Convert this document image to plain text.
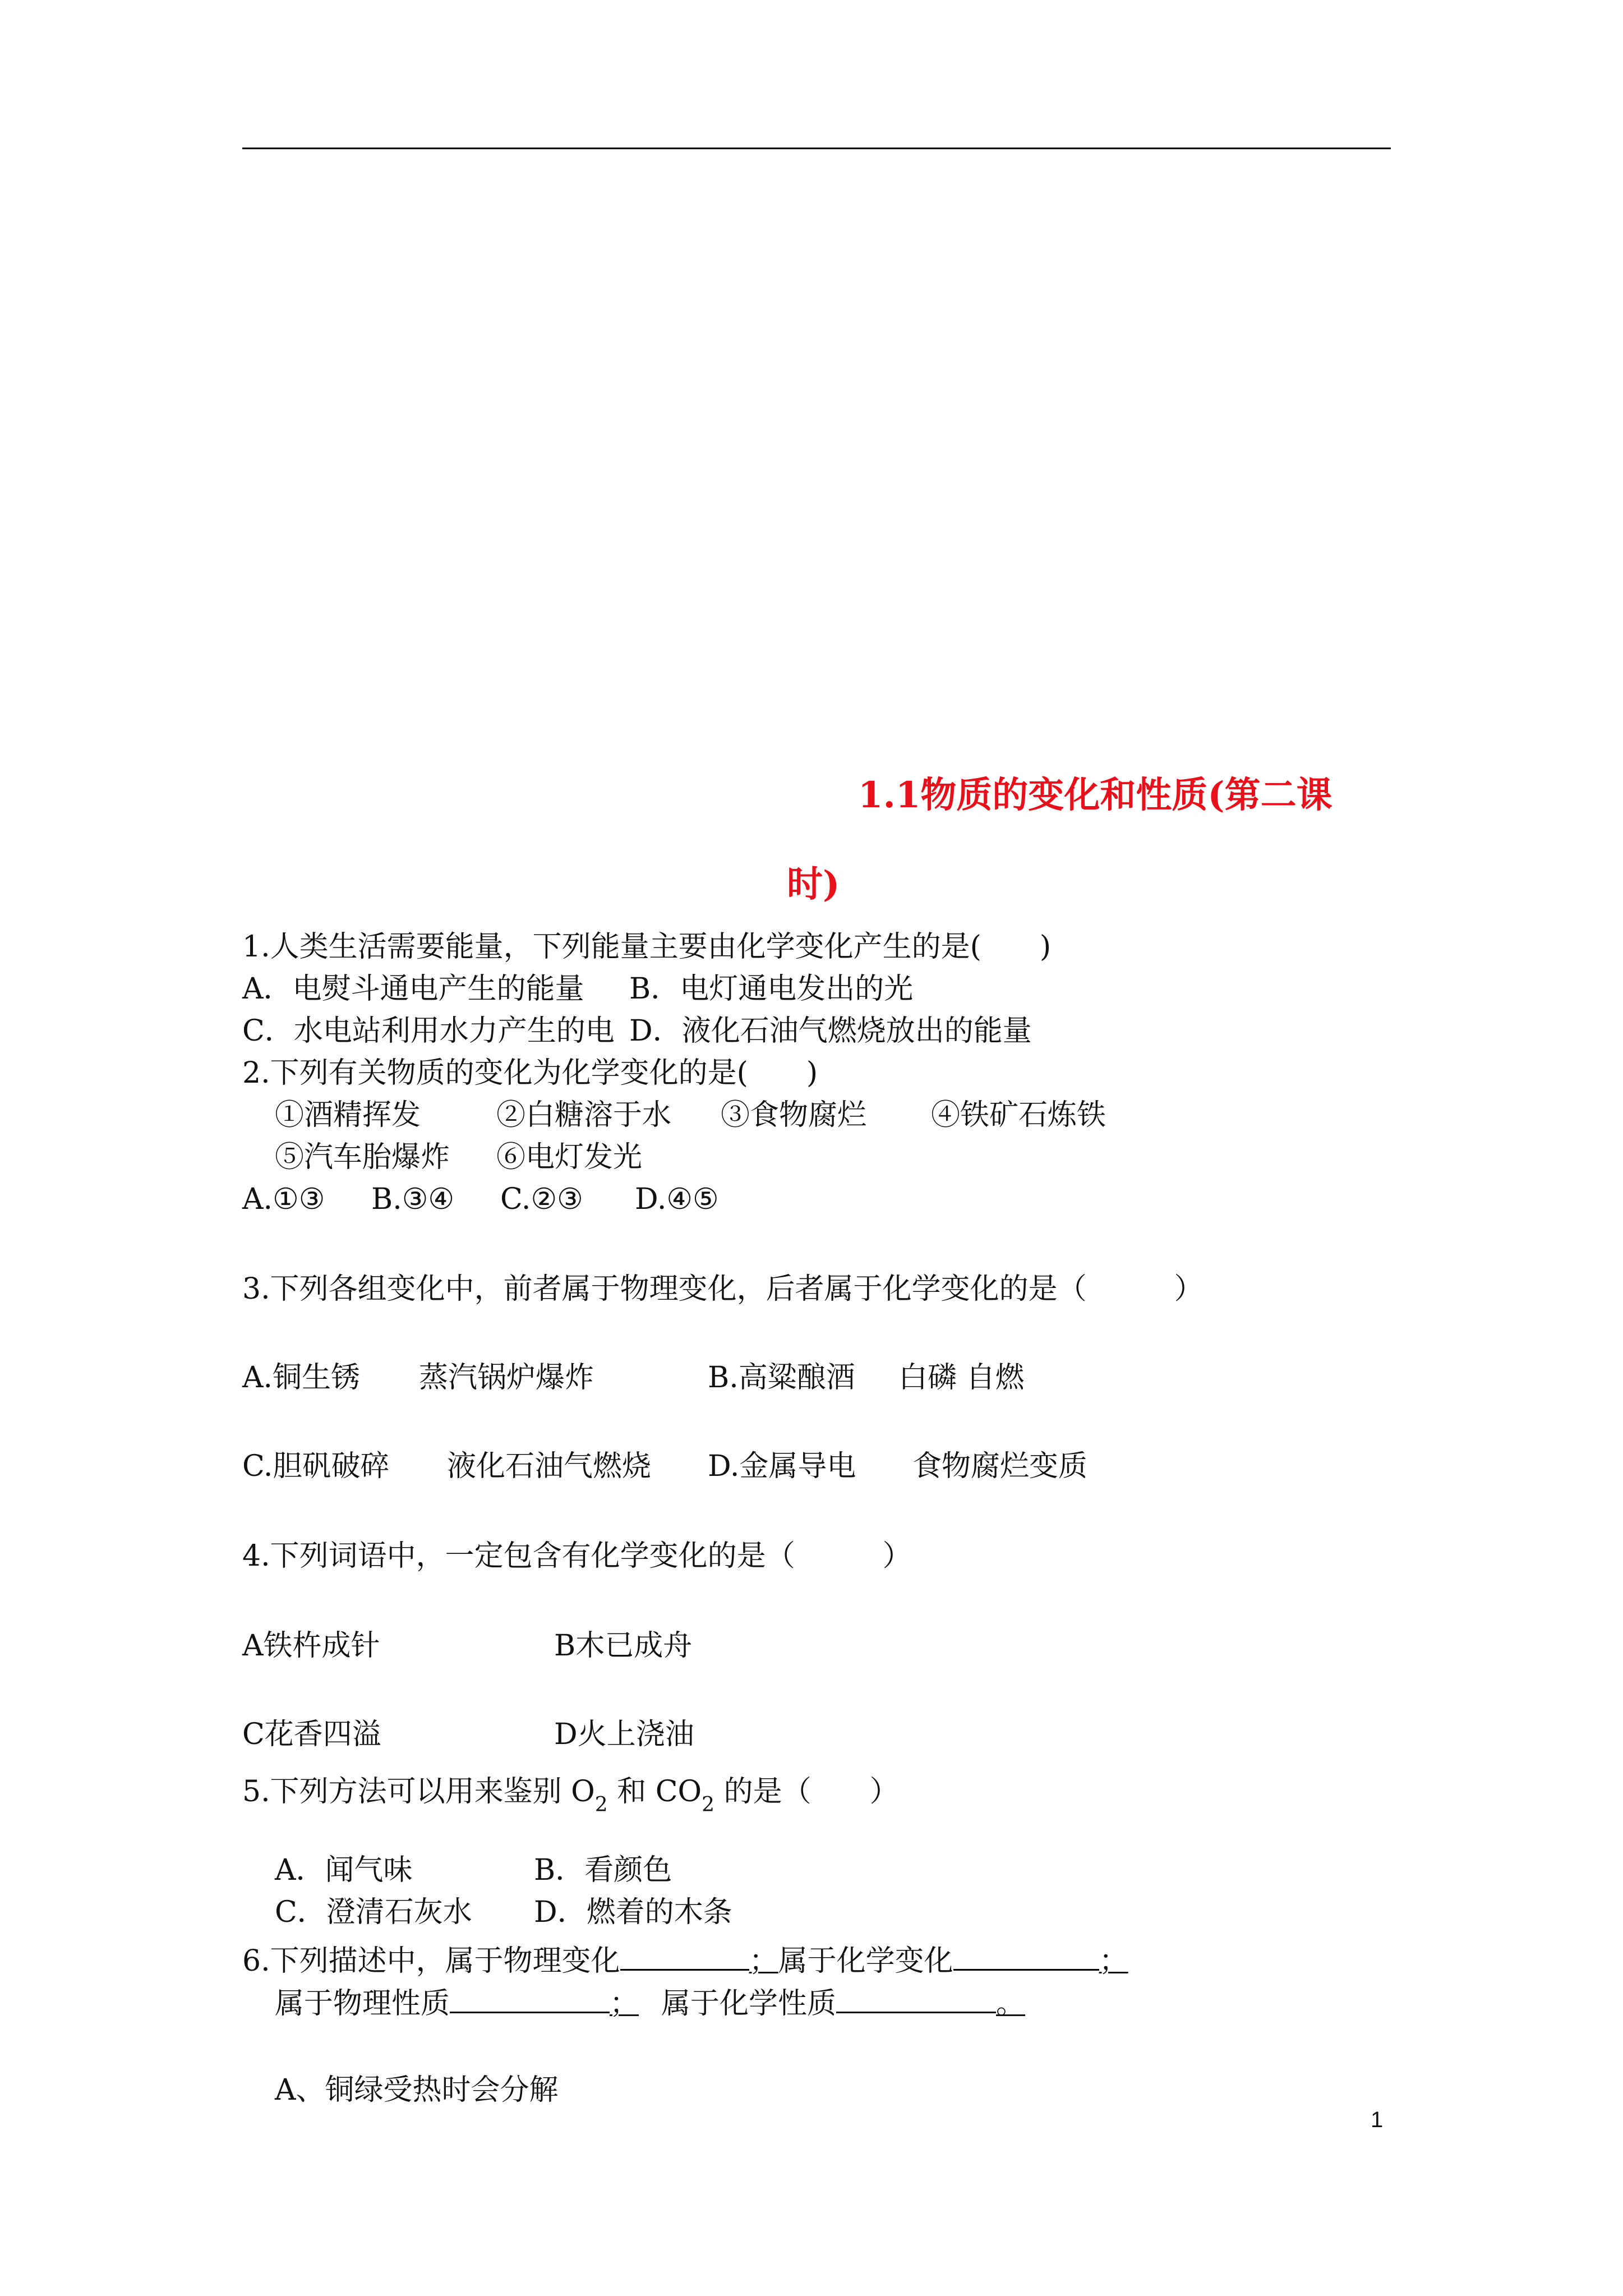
1.1物质的变化和性质(第二课
时)
1.人类生活需要能量，下列能量主要由化学变化产生的是(　　)
A．电熨斗通电产生的能量 B．电灯通电发出的光
C．水电站利用水力产生的电 D．液化石油气燃烧放出的能量
2.下列有关物质的变化为化学变化的是(　　)
①酒精挥发	②白糖溶于水 ③食物腐烂 ④铁矿石炼铁
⑤汽车胎爆炸 ⑥电灯发光
A.①③ B.③④ C.②③ D.④⑤
3.下列各组变化中，前者属于物理变化，后者属于化学变化的是（　　　）
A.铜生锈 蒸汽锅炉爆炸	B.高粱酿酒 白磷 自燃
C.胆矾破碎 液化石油气燃烧 D.金属导电 食物腐烂变质
4.下列词语中，一定包含有化学变化的是（　　　）
A铁杵成针	B木已成舟
C花香四溢	D火上浇油
5.下列方法可以用来鉴别 $O_2$ 和 $CO_2$ 的是（　　）
A．闻气味	B．看颜色
C．澄清石灰水 D．燃着的木条
6.下列描述中，属于物理变化	；属于化学变化	；
属于物理性质	； 属于化学性质	。
A、铜绿受热时会分解
1
